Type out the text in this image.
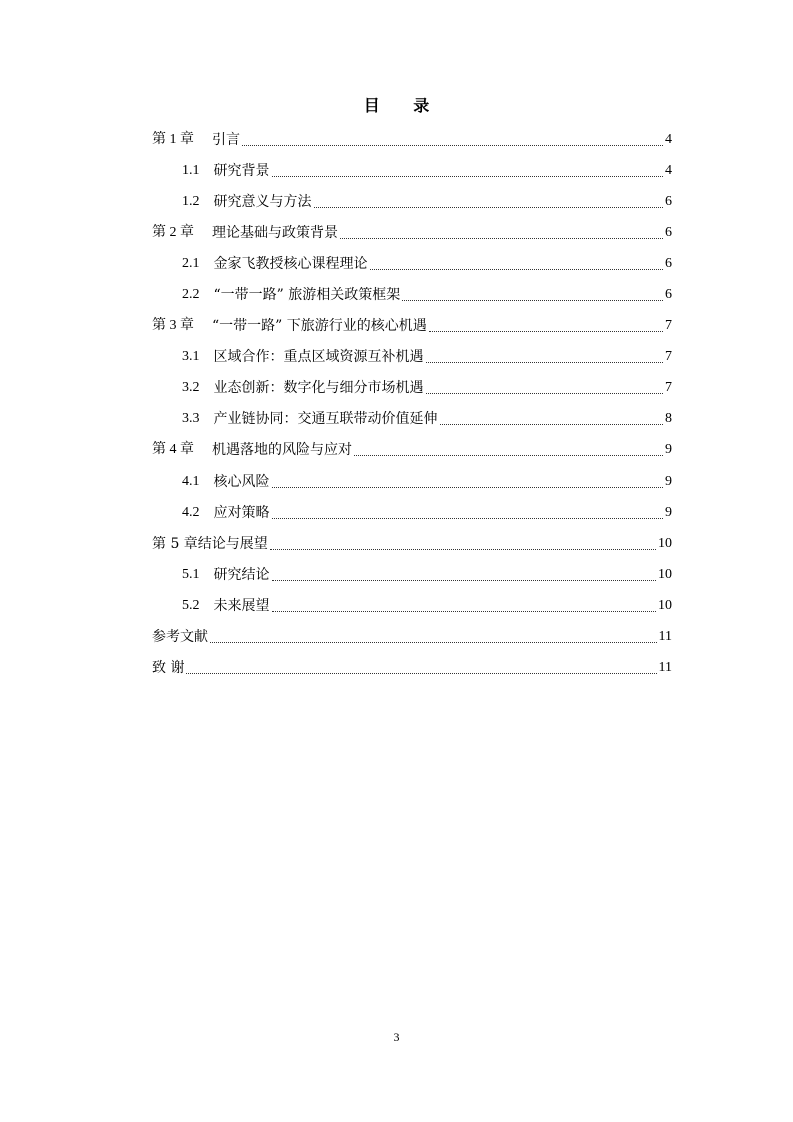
目 录
第 1 章 引言	4
1.1 研究背景	4
1.2 研究意义与方法	6
第 2 章 理论基础与政策背景	6
2.1 金家飞教授核心课程理论	6
2.2 “一带一路” 旅游相关政策框架	6
第 3 章 “一带一路” 下旅游行业的核心机遇	7
3.1 区域合作：重点区域资源互补机遇	7
3.2 业态创新：数字化与细分市场机遇	7
3.3 产业链协同：交通互联带动价值延伸	8
第 4 章 机遇落地的风险与应对	9
4.1 核心风险	9
4.2 应对策略	9
第 5 章结论与展望	10
5.1 研究结论	10
5.2 未来展望	10
参考文献	11
致 谢	11
3
